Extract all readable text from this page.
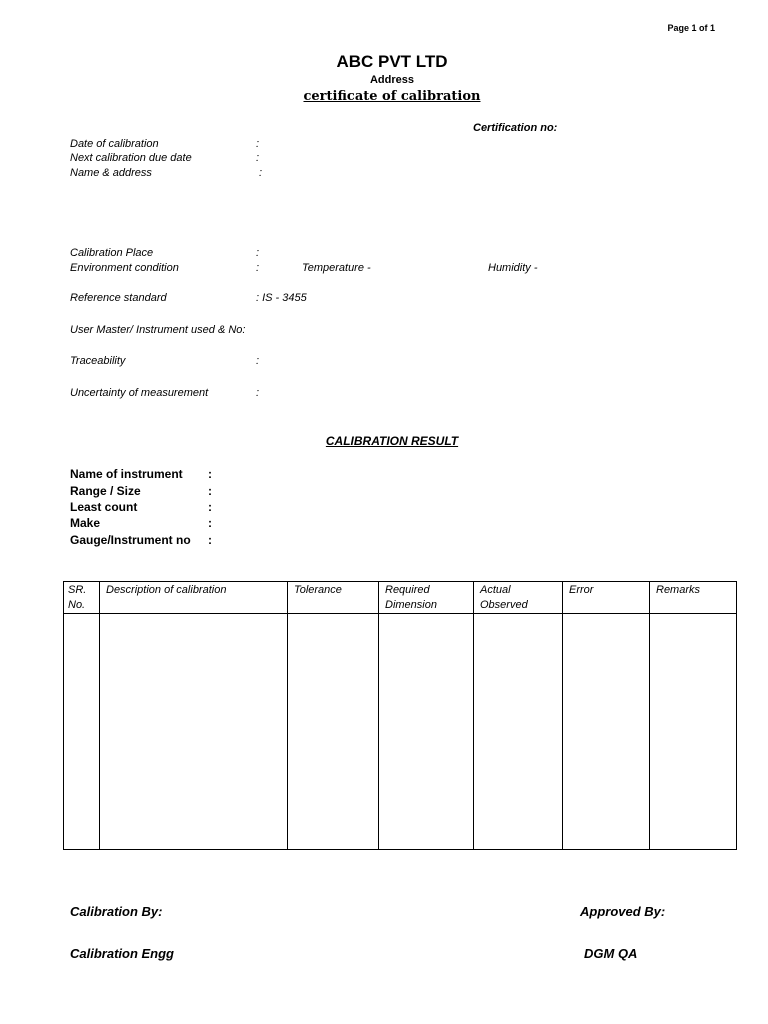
Page 1 of 1
ABC PVT LTD
Address
certificate of calibration
Certification no:
Date of calibration	:
Next calibration due date	:
Name & address	:
Calibration Place	:
Environment condition	:	Temperature -	Humidity -
Reference standard	: IS - 3455
User Master/ Instrument used & No:
Traceability	:
Uncertainty of measurement	:
CALIBRATION RESULT
Name of instrument :
Range / Size	:
Least count	:
Make	:
Gauge/Instrument no :
SR. No.	Description of calibration	Tolerance	Required Dimension	Actual Observed	Error	Remarks

Calibration By:	Approved By:
Calibration Engg	DGM QA
